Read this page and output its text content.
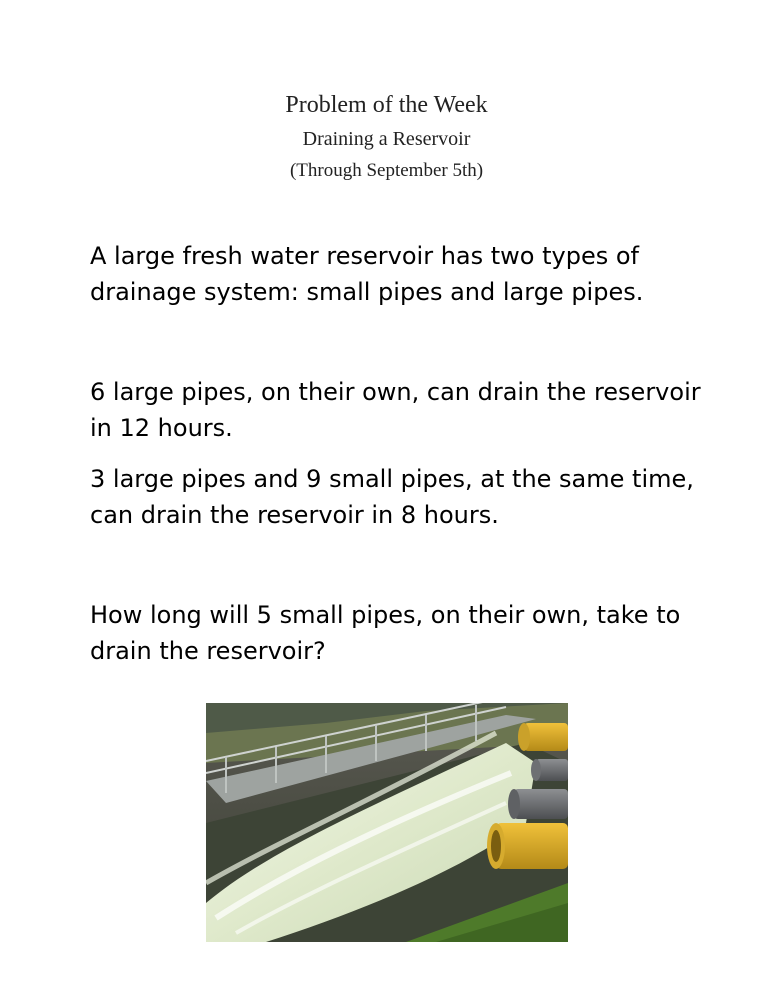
Problem of the Week
Draining a Reservoir
(Through September 5th)

A large fresh water reservoir has two types of drainage system: small pipes and large pipes.

6 large pipes, on their own, can drain the reservoir in 12 hours.

3 large pipes and 9 small pipes, at the same time, can drain the reservoir in 8 hours.

How long will 5 small pipes, on their own, take to drain the reservoir?
